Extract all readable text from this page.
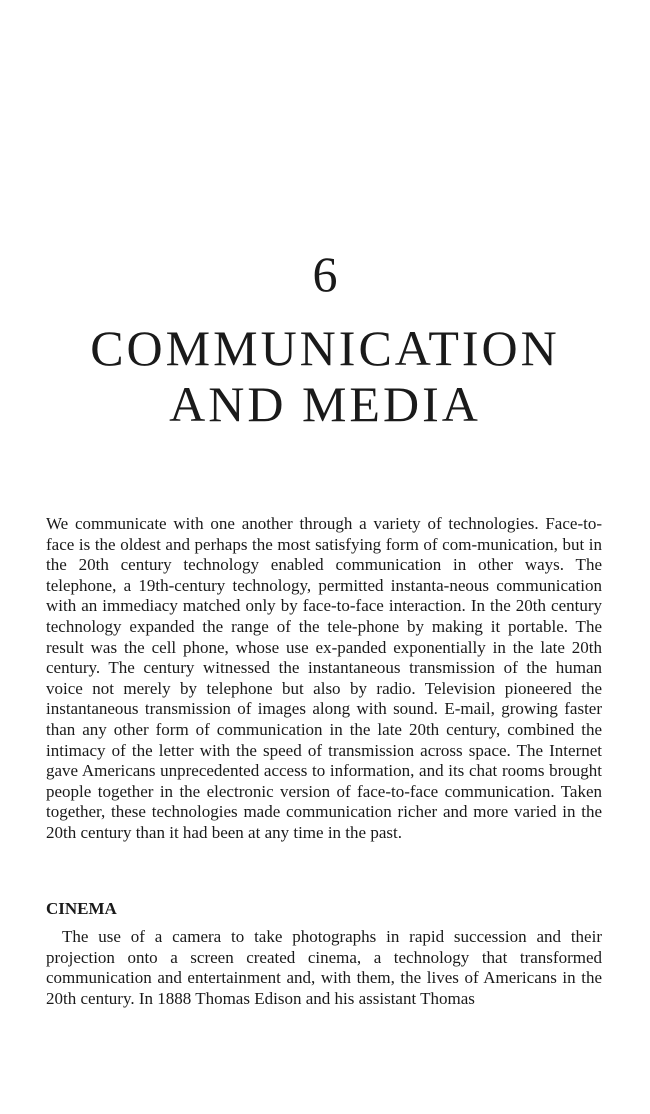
6
COMMUNICATION
AND MEDIA

We communicate with one another through a variety of technologies. Face-to-face is the oldest and perhaps the most satisfying form of com-munication, but in the 20th century technology enabled communication in other ways. The telephone, a 19th-century technology, permitted instanta-neous communication with an immediacy matched only by face-to-face interaction. In the 20th century technology expanded the range of the tele-phone by making it portable. The result was the cell phone, whose use ex-panded exponentially in the late 20th century. The century witnessed the instantaneous transmission of the human voice not merely by telephone but also by radio. Television pioneered the instantaneous transmission of images along with sound. E-mail, growing faster than any other form of communication in the late 20th century, combined the intimacy of the letter with the speed of transmission across space. The Internet gave Americans unprecedented access to information, and its chat rooms brought people together in the electronic version of face-to-face communication. Taken together, these technologies made communication richer and more varied in the 20th century than it had been at any time in the past.

CINEMA

The use of a camera to take photographs in rapid succession and their projection onto a screen created cinema, a technology that transformed communication and entertainment and, with them, the lives of Americans in the 20th century. In 1888 Thomas Edison and his assistant Thomas
